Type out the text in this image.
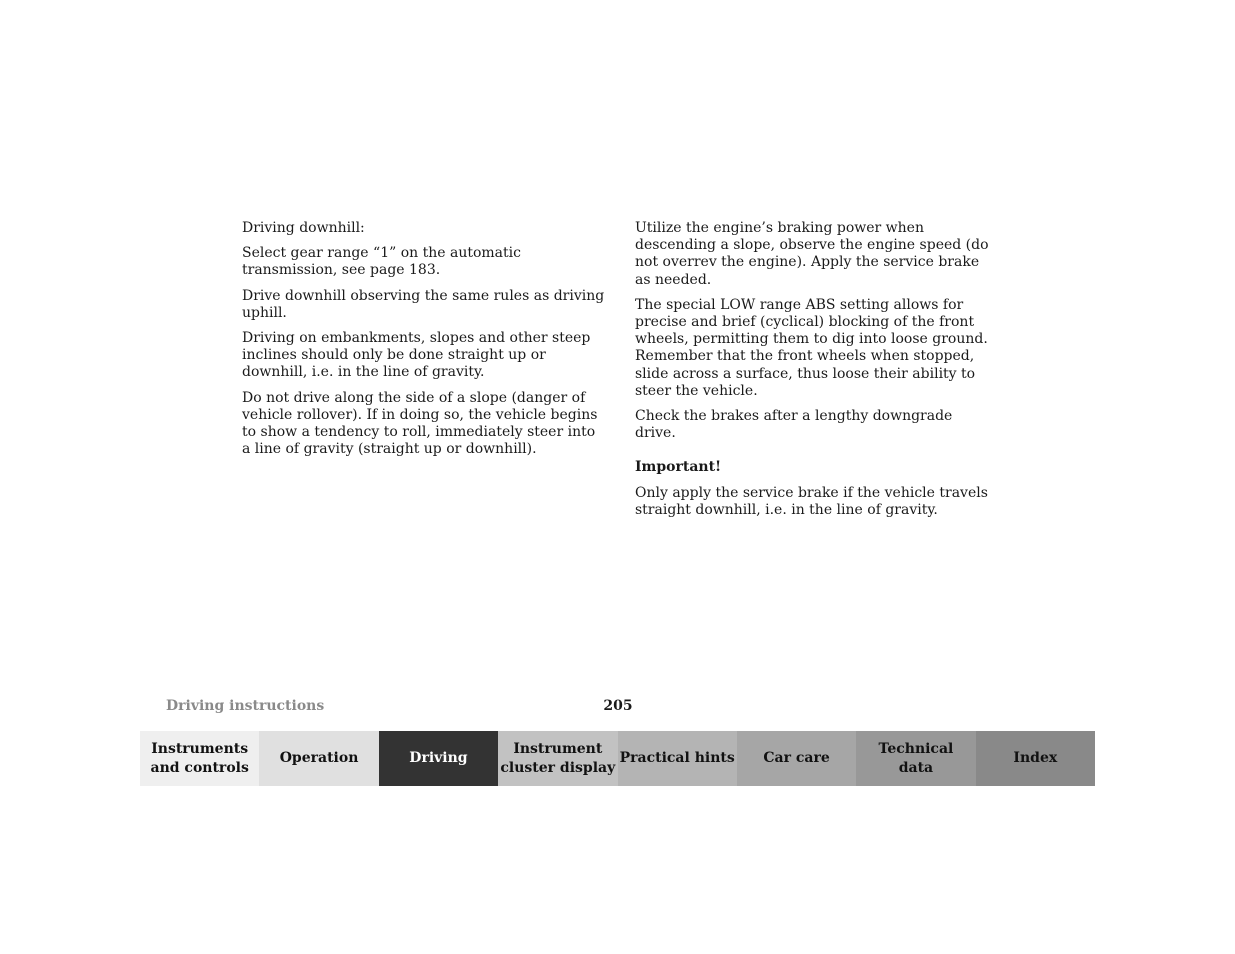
Driving downhill:

Select gear range “1” on the automatic transmission, see page 183.

Drive downhill observing the same rules as driving uphill.

Driving on embankments, slopes and other steep inclines should only be done straight up or downhill, i.e. in the line of gravity.

Do not drive along the side of a slope (danger of vehicle rollover). If in doing so, the vehicle begins to show a tendency to roll, immediately steer into a line of gravity (straight up or downhill).

Utilize the engine’s braking power when descending a slope, observe the engine speed (do not overrev the engine). Apply the service brake as needed.

The special LOW range ABS setting allows for precise and brief (cyclical) blocking of the front wheels, permitting them to dig into loose ground. Remember that the front wheels when stopped, slide across a surface, thus loose their ability to steer the vehicle.

Check the brakes after a lengthy downgrade drive.

Important!

Only apply the service brake if the vehicle travels straight downhill, i.e. in the line of gravity.

Driving instructions	205
Instruments
and controls
Operation	Driving
Instrument
cluster display
Practical hints	Car care
Technical
data
Index
